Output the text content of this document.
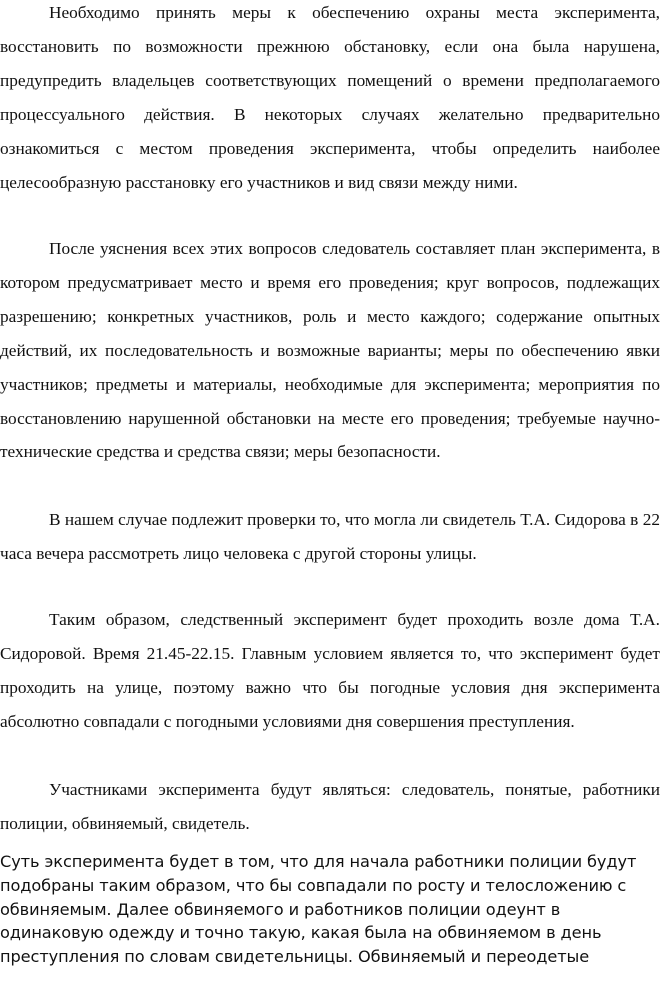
Необходимо принять меры к обеспечению охраны места эксперимента, восстановить по возможности прежнюю обстановку, если она была нарушена, предупредить владельцев соответствующих помещений о времени предполагаемого процессуального действия. В некоторых случаях желательно предварительно ознакомиться с местом проведения эксперимента, чтобы определить наиболее целесообразную расстановку его участников и вид связи между ними.

После уяснения всех этих вопросов следователь составляет план эксперимента, в котором предусматривает место и время его проведения; круг вопросов, подлежащих разрешению; конкретных участников, роль и место каждого; содержание опытных действий, их последовательность и возможные варианты; меры по обеспечению явки участников; предметы и материалы, необходимые для эксперимента; мероприятия по восстановлению нарушенной обстановки на месте его проведения; требуемые научно-технические средства и средства связи; меры безопасности.

В нашем случае подлежит проверки то, что могла ли свидетель Т.А. Сидорова в 22 часа вечера рассмотреть лицо человека с другой стороны улицы.

Таким образом, следственный эксперимент будет проходить возле дома Т.А. Сидоровой. Время 21.45-22.15. Главным условием является то, что эксперимент будет проходить на улице, поэтому важно что бы погодные условия дня эксперимента абсолютно совпадали с погодными условиями дня совершения преступления.

Участниками эксперимента будут являться: следователь, понятые, работники полиции, обвиняемый, свидетель.

Суть эксперимента будет в том, что для начала работники полиции будут подобраны таким образом, что бы совпадали по росту и телосложению с обвиняемым. Далее обвиняемого и работников полиции одеунт в одинаковую одежду и точно такую, какая была на обвиняемом в день преступления по словам свидетельницы. Обвиняемый и переодетые
